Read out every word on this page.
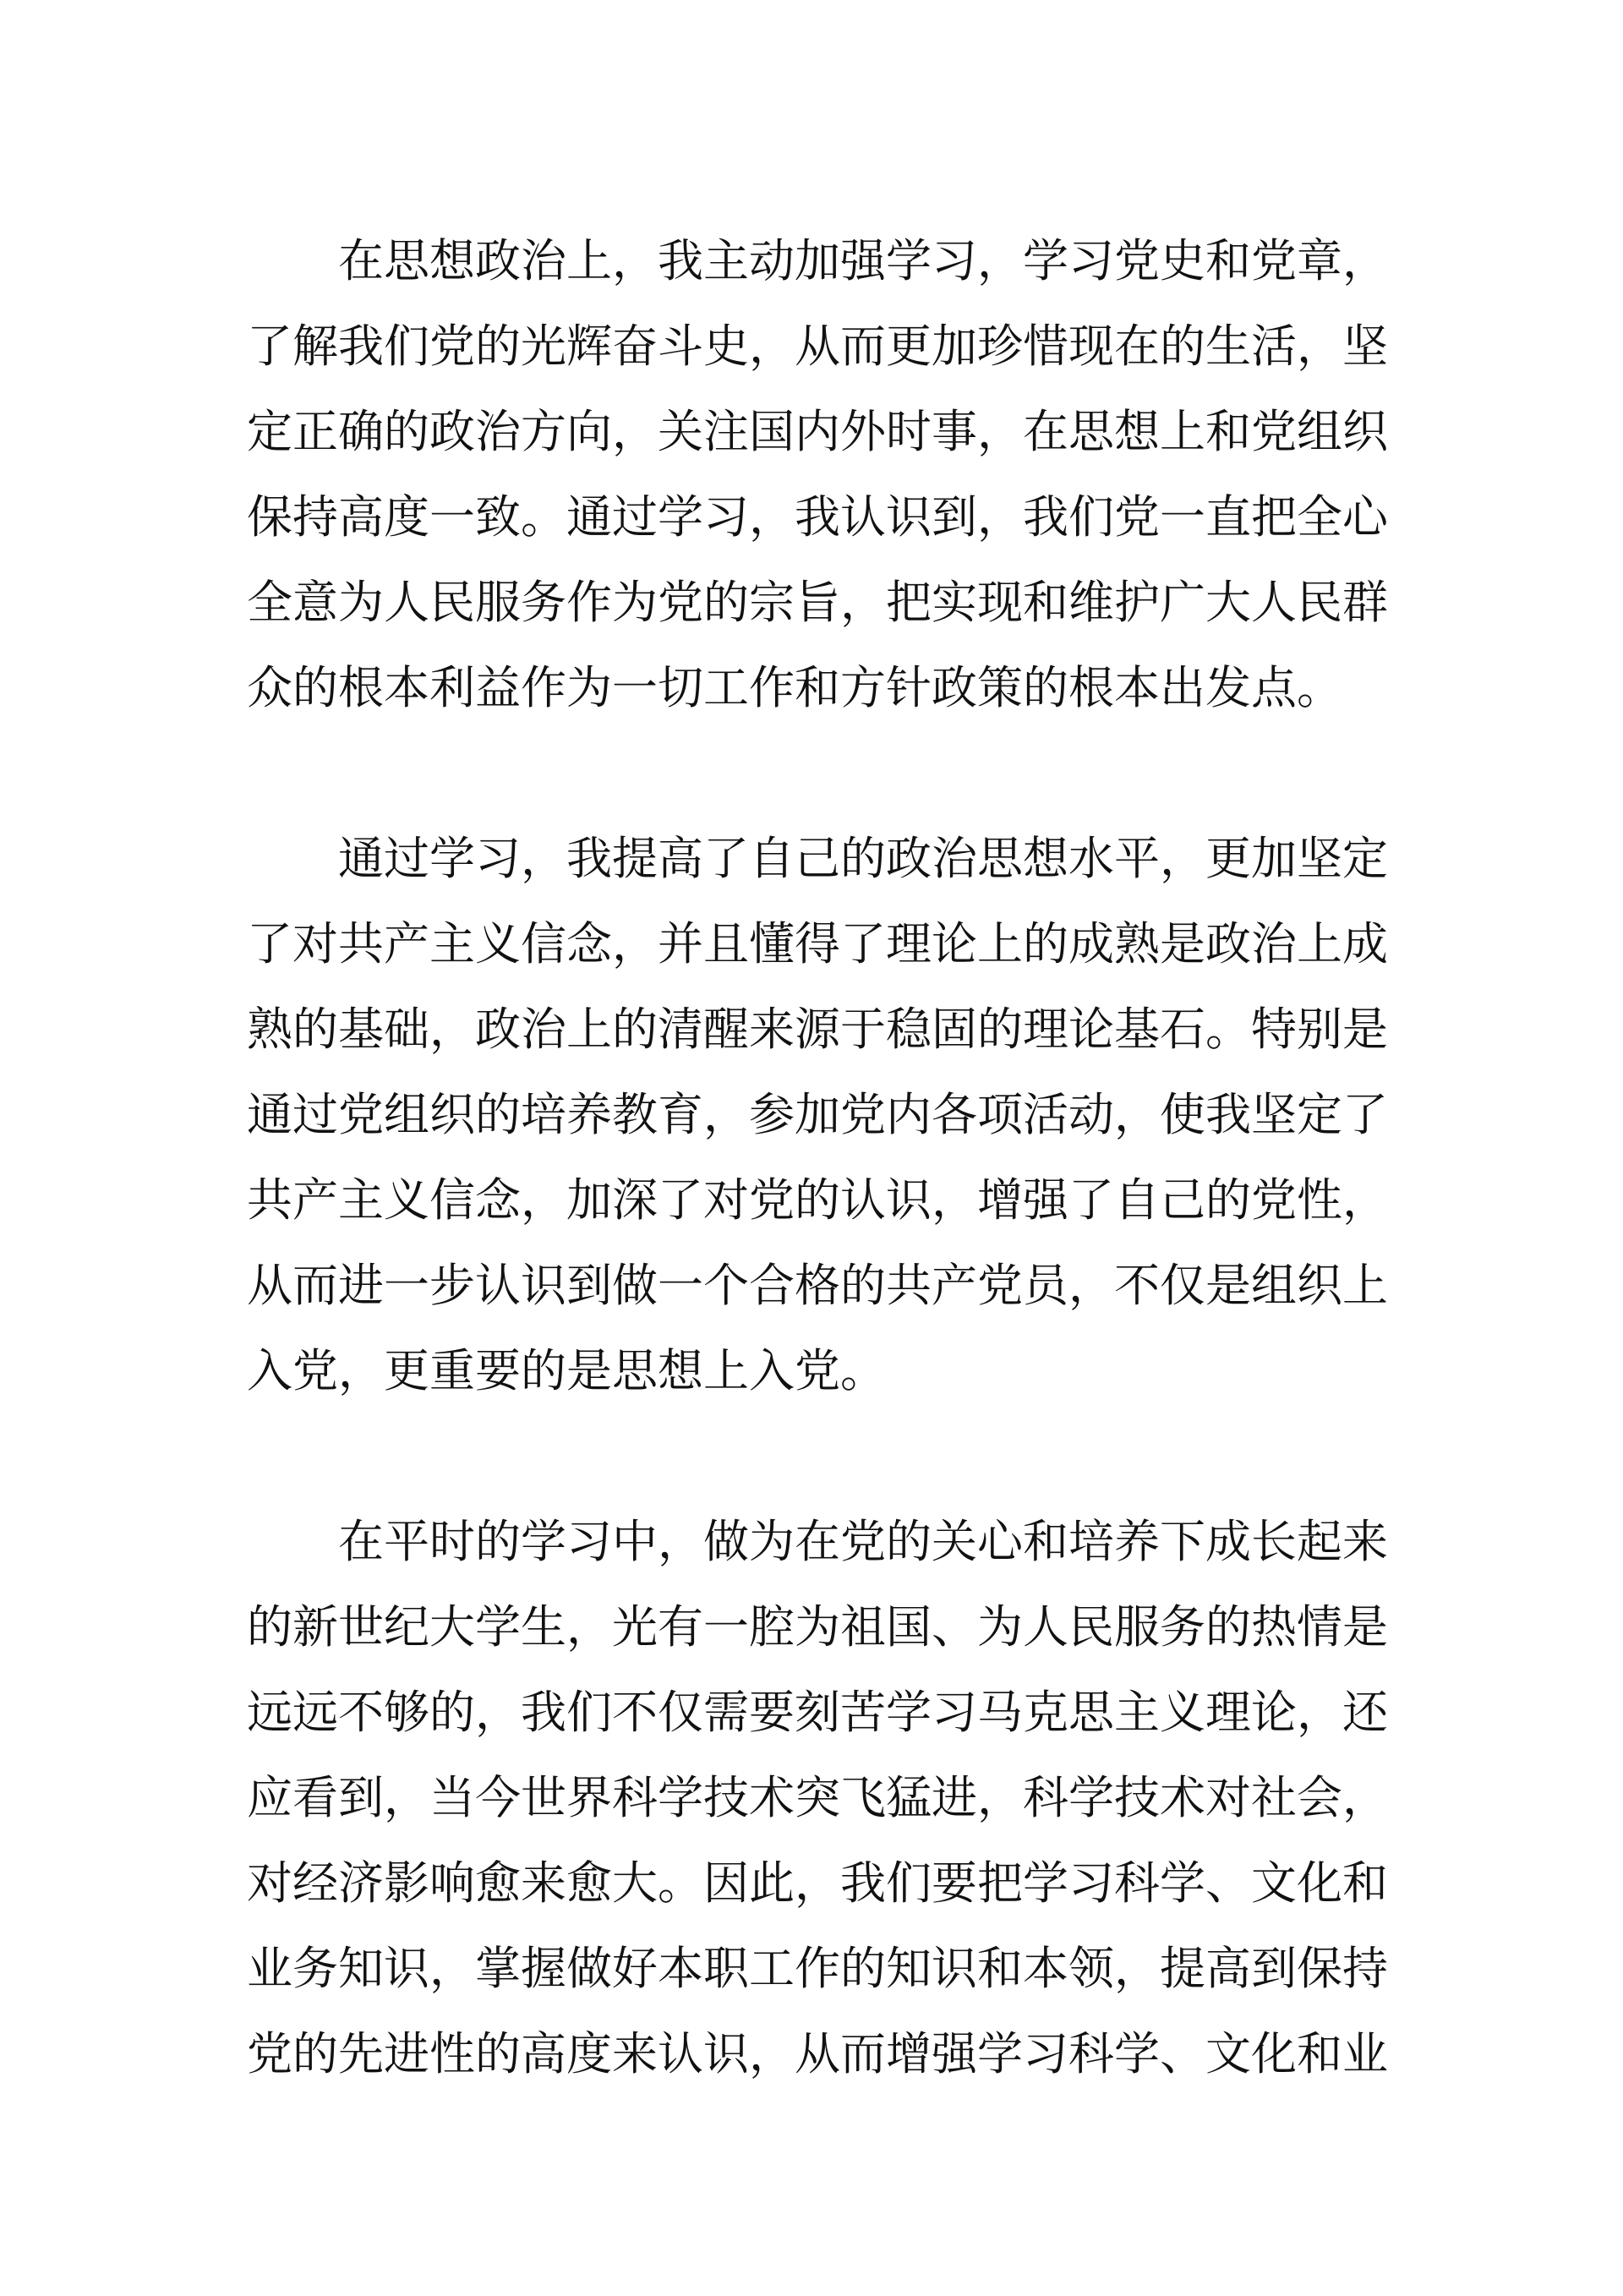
在思想政治上，我主动加强学习，学习党史和党章，
了解我们党的光辉奋斗史，从而更加珍惜现在的生活，坚
定正确的政治方向，关注国内外时事，在思想上和党组织
保持高度一致。通过学习，我认识到，我们党一直把全心
全意为人民服务作为党的宗旨，把实现和维护广大人民群
众的根本利益作为一切工作和方针政策的根本出发点。
通过学习，我提高了自己的政治思想水平，更加坚定
了对共产主义信念，并且懂得了理论上的成熟是政治上成
熟的基础，政治上的清醒来源于稳固的理论基石。特别是
通过党组织的培养教育，参加党内各项活动，使我坚定了
共产主义信念，加深了对党的认识，增强了自己的党性，
从而进一步认识到做一个合格的共产党员，不仅是组织上
入党，更重要的是思想上入党。
在平时的学习中，做为在党的关心和培养下成长起来
的新世纪大学生，光有一腔为祖国、为人民服务的热情是
远远不够的，我们不仅需要刻苦学习马克思主义理论，还
应看到，当今世界科学技术突飞猛进，科学技术对社会，
对经济影响愈来愈大。因此，我们要把学习科学、文化和
业务知识，掌握做好本职工作的知识和本领，提高到保持
党的先进性的高度来认识，从而增强学习科学、文化和业
